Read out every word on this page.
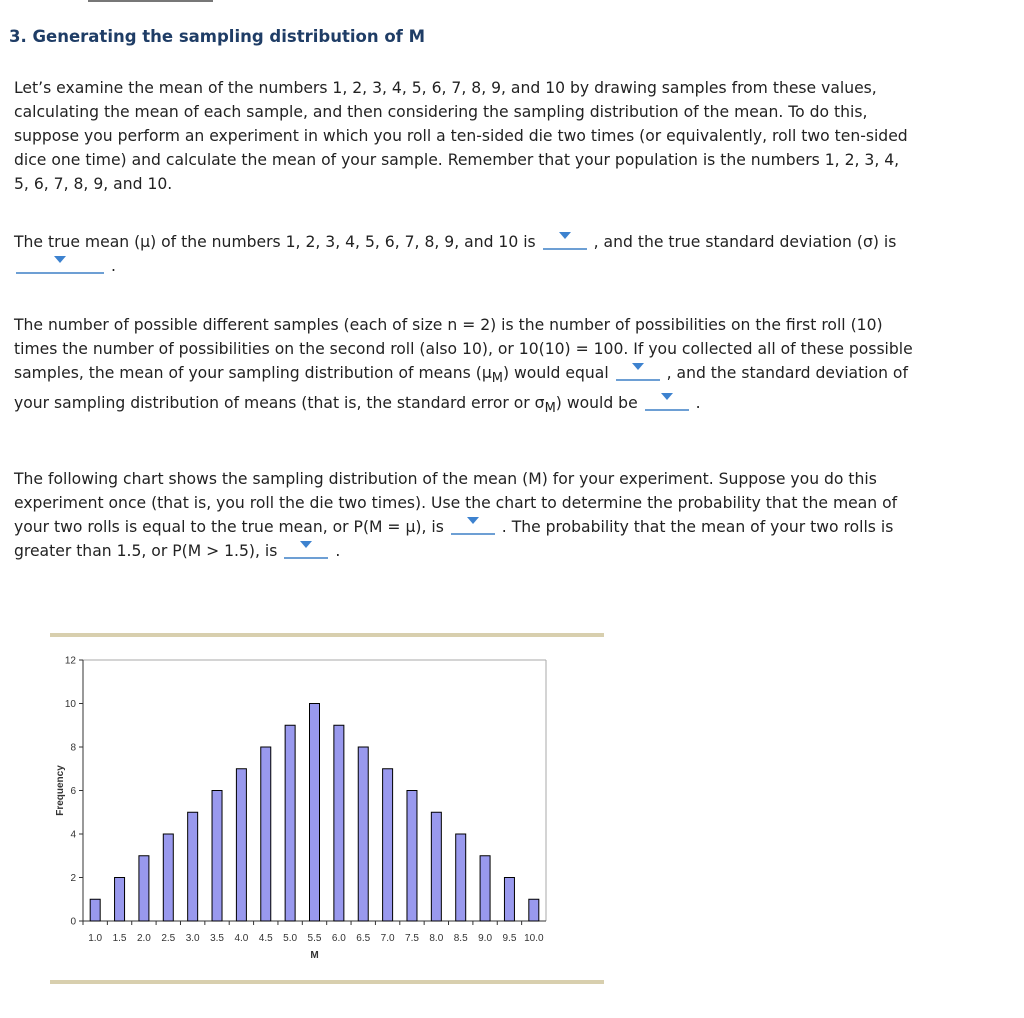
3. Generating the sampling distribution of M

Let’s examine the mean of the numbers 1, 2, 3, 4, 5, 6, 7, 8, 9, and 10 by drawing samples from these values, calculating the mean of each sample, and then considering the sampling distribution of the mean. To do this, suppose you perform an experiment in which you roll a ten-sided die two times (or equivalently, roll two ten-sided dice one time) and calculate the mean of your sample. Remember that your population is the numbers 1, 2, 3, 4, 5, 6, 7, 8, 9, and 10.

The true mean (μ) of the numbers 1, 2, 3, 4, 5, 6, 7, 8, 9, and 10 is	, and the true standard deviation (σ) is  .

The number of possible different samples (each of size n = 2) is the number of possibilities on the first roll (10) times the number of possibilities on the second roll (also 10), or 10(10) = 100. If you collected all of these possible samples, the mean of your sampling distribution of means $(\mu_M)$ would equal	, and the standard deviation of your sampling distribution of means (that is, the standard error or $\sigma_M$) would be	.

The following chart shows the sampling distribution of the mean (M) for your experiment. Suppose you do this experiment once (that is, you roll the die two times). Use the chart to determine the probability that the mean of your two rolls is equal to the true mean, or P(M = μ), is	. The probability that the mean of your two rolls is greater than 1.5, or P(M > 1.5), is	.

0
2
4
6
8
10
12
1.0 1.5 2.0 2.5 3.0 3.5 4.0 4.5 5.0 5.5 6.0 6.5 7.0 7.5 8.0 8.5 9.0 9.5 10.0
M
Frequency
